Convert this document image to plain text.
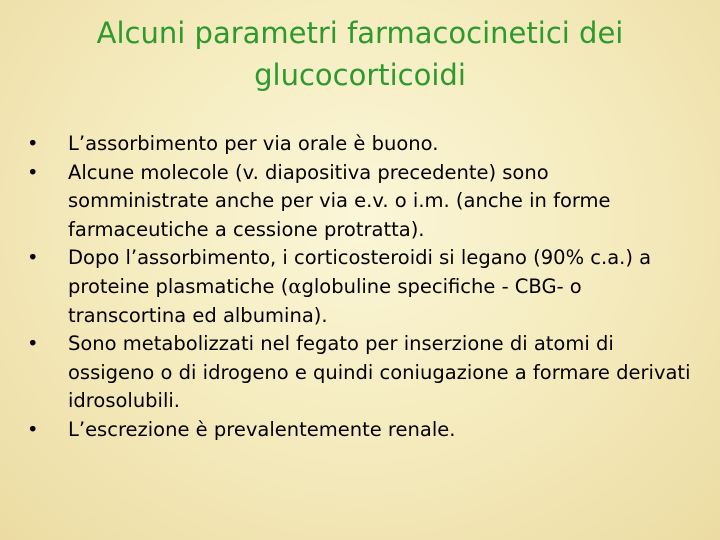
Alcuni parametri farmacocinetici dei
glucocorticoidi
• L’assorbimento per via orale è buono.
• Alcune molecole (v. diapositiva precedente) sono somministrate anche per via e.v. o i.m. (anche in forme farmaceutiche a cessione protratta).
• Dopo l’assorbimento, i corticosteroidi si legano (90% c.a.) a proteine plasmatiche (αglobuline specifiche - CBG- o transcortina ed albumina).
• Sono metabolizzati nel fegato per inserzione di atomi di ossigeno o di idrogeno e quindi coniugazione a formare derivati idrosolubili.
• L’escrezione è prevalentemente renale.
